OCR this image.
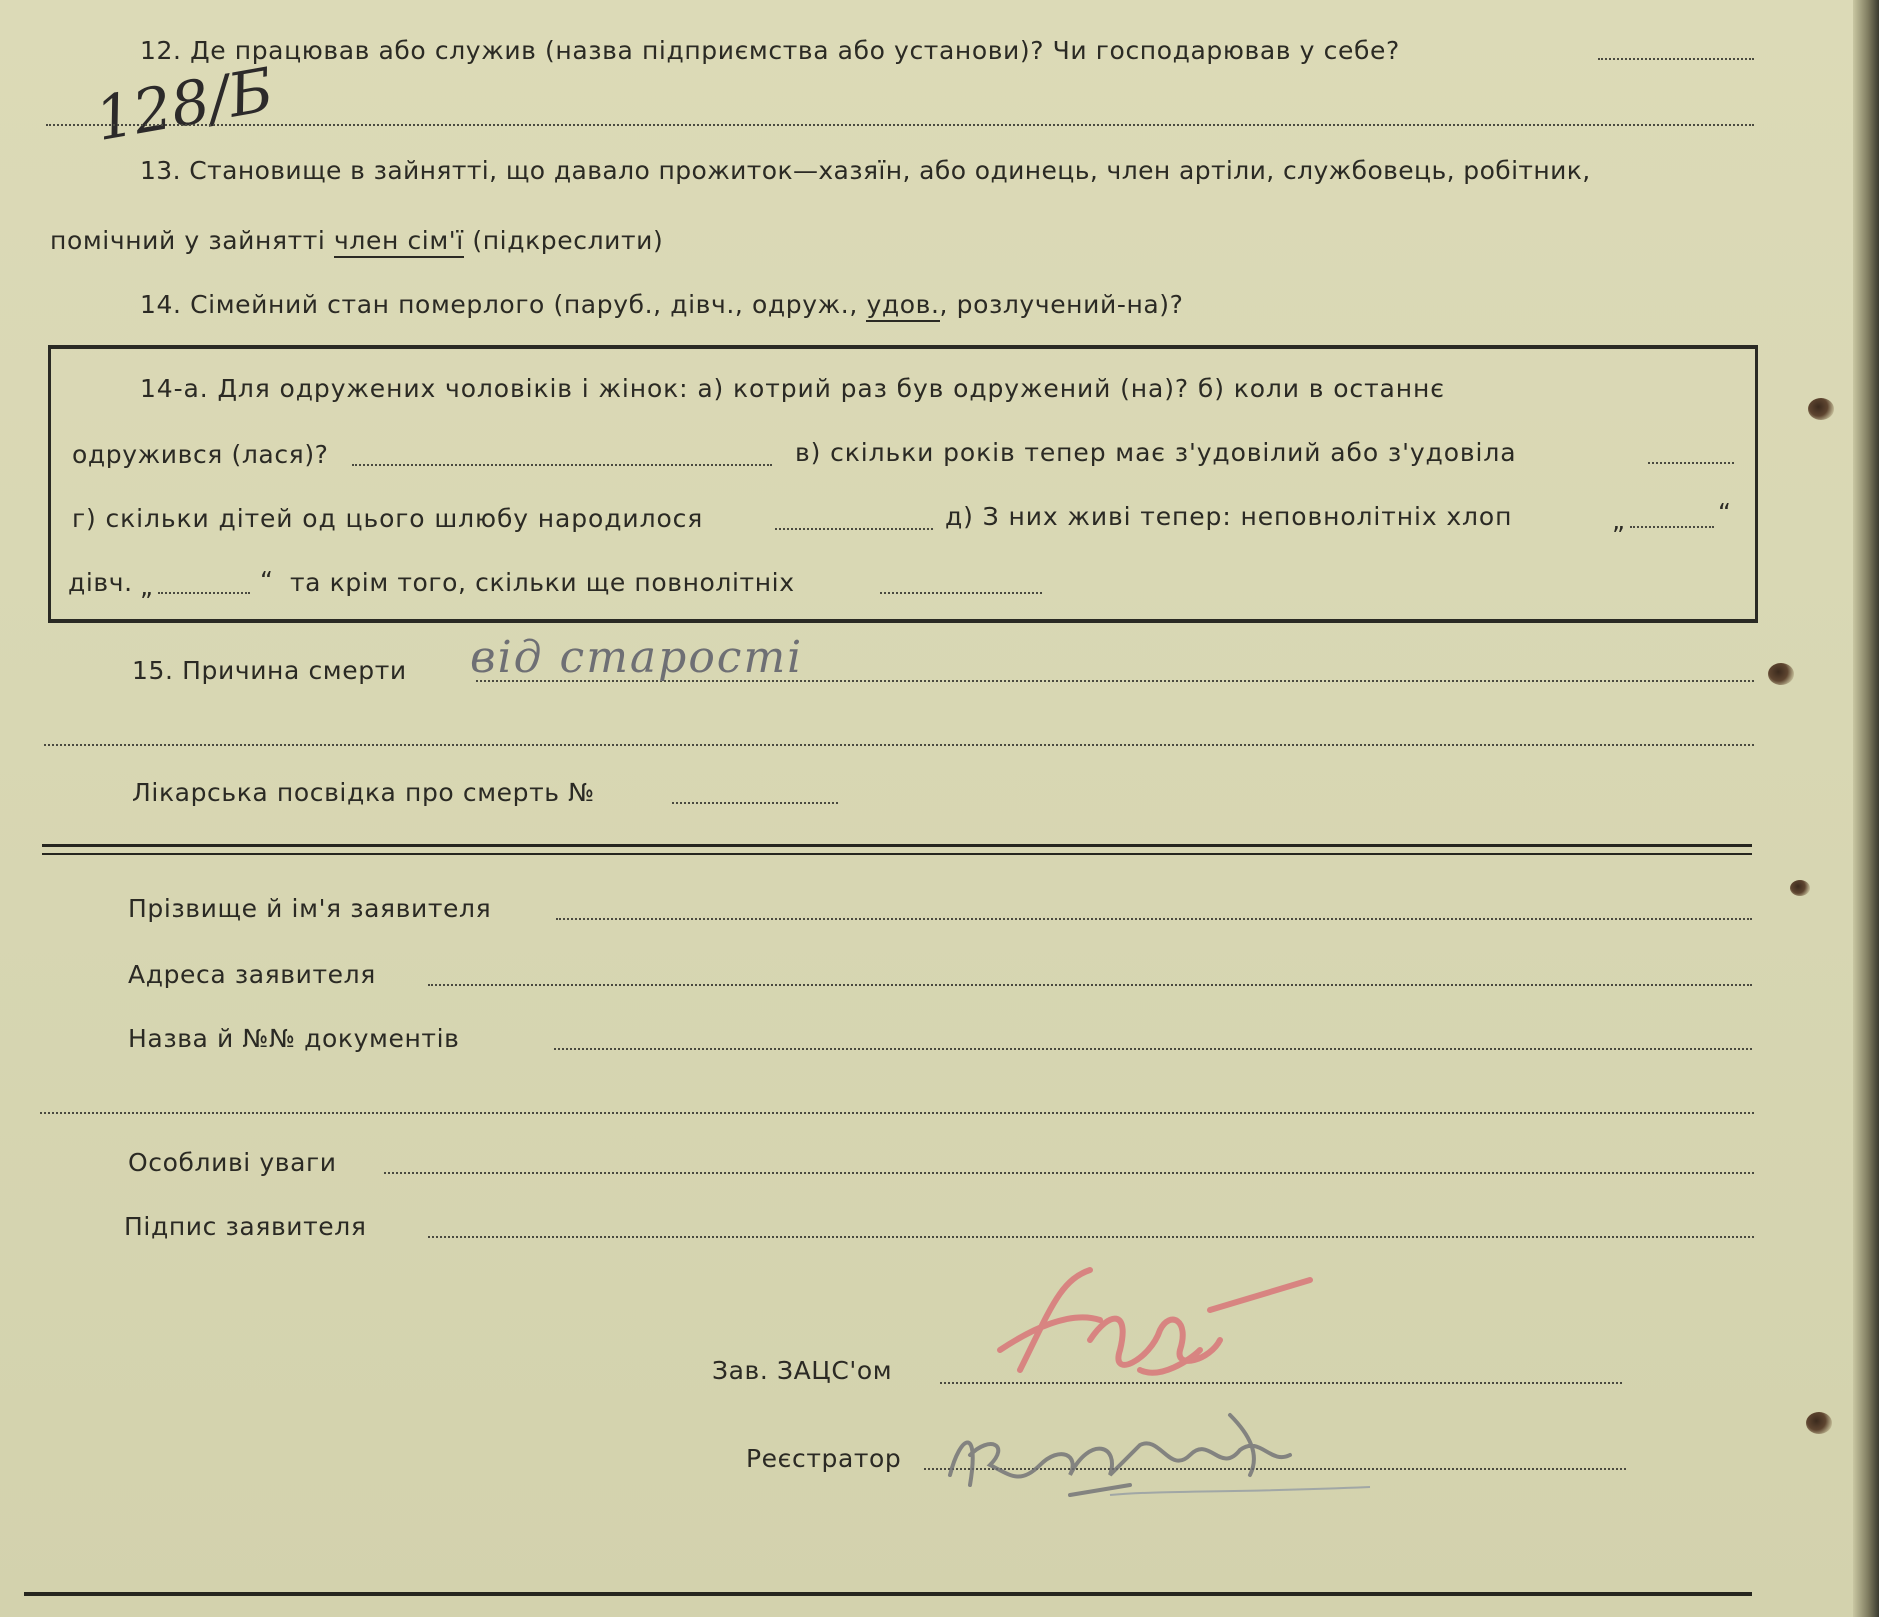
128/Б
12. Де працював або служив (назва підприємства або установи)? Чи господарював у себе?
13. Становище в зайнятті, що давало прожиток—хазяїн, або одинець, член артіли, службовець, робітник,
помічний у зайнятті член сім'ї (підкреслити)
14. Сімейний стан померлого (паруб., дівч., одруж., удов., розлучений-на)?
14-а. Для одружених чоловіків і жінок: а) котрий раз був одружений (на)? б) коли в останнє
одружився (лася)?	в) скільки років тепер має з'удовілий або з'удовіла
г) скільки дітей од цього шлюбу народилося	д) З них живі тепер: неповнолітніх хлоп	„	“
дівч. „	“ та крім того, скільки ще повнолітніх
15. Причина смерти від старості
Лікарська посвідка про смерть №
Прізвище й ім'я заявителя
Адреса заявителя
Назва й №№ документів
Особливі уваги
Підпис заявителя
Зав. ЗАЦС'ом
Реєстратор
